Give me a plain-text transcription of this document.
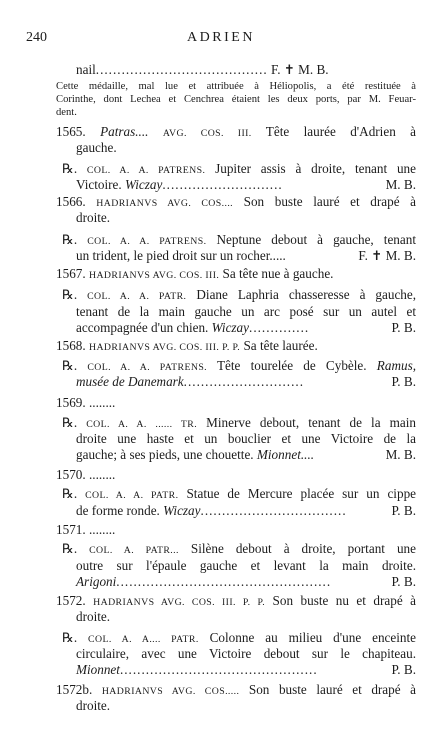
240	ADRIEN
nail........................................ F. ✝ M. B.
Cette médaille, mal lue et attribuée à Héliopolis, a été restituée à
Corinthe, dont Lechea et Cenchrea étaient les deux ports, par M. Feuar-
dent.
1565. Patras.... AVG. COS. III. Tête laurée d'Adrien à
gauche.
℞. COL. A. A. PATRENS. Jupiter assis à droite, tenant une
Victoire. Wiczay............................	M. B.
1566. HADRIANVS AVG. COS.... Son buste lauré et drapé à
droite.
℞. COL. A. A. PATRENS. Neptune debout à gauche, tenant
un trident, le pied droit sur un rocher.....	F. ✝ M. B.
1567. HADRIANVS AVG. COS. III. Sa tête nue à gauche.
℞. COL. A. A. PATR. Diane Laphria chasseresse à gauche,
tenant de la main gauche un arc posé sur un autel et
accompagnée d'un chien. Wiczay..............	P. B.
1568. HADRIANVS AVG. COS. III. P. P. Sa tête laurée.
℞. COL. A. A. PATRENS. Tête tourelée de Cybèle. Ramus,
musée de Danemark............................	P. B.
1569. ........
℞. COL. A. A. ...... TR. Minerve debout, tenant de la main
droite une haste et un bouclier et une Victoire de la
gauche; à ses pieds, une chouette. Mionnet....	M. B.
1570. ........
℞. COL. A. A. PATR. Statue de Mercure placée sur un cippe
de forme ronde. Wiczay..................................	P. B.
1571. ........
℞. COL. A. PATR... Silène debout à droite, portant une
outre sur l'épaule gauche et levant la main droite.
Arigoni..................................................	P. B.
1572. HADRIANVS AVG. COS. III. P. P. Son buste nu et drapé à
droite.
℞. COL. A. A.... PATR. Colonne au milieu d'une enceinte
circulaire, avec une Victoire debout sur le chapiteau.
Mionnet..............................................	P. B.
1572b. HADRIANVS AVG. COS..... Son buste lauré et drapé à
droite.
